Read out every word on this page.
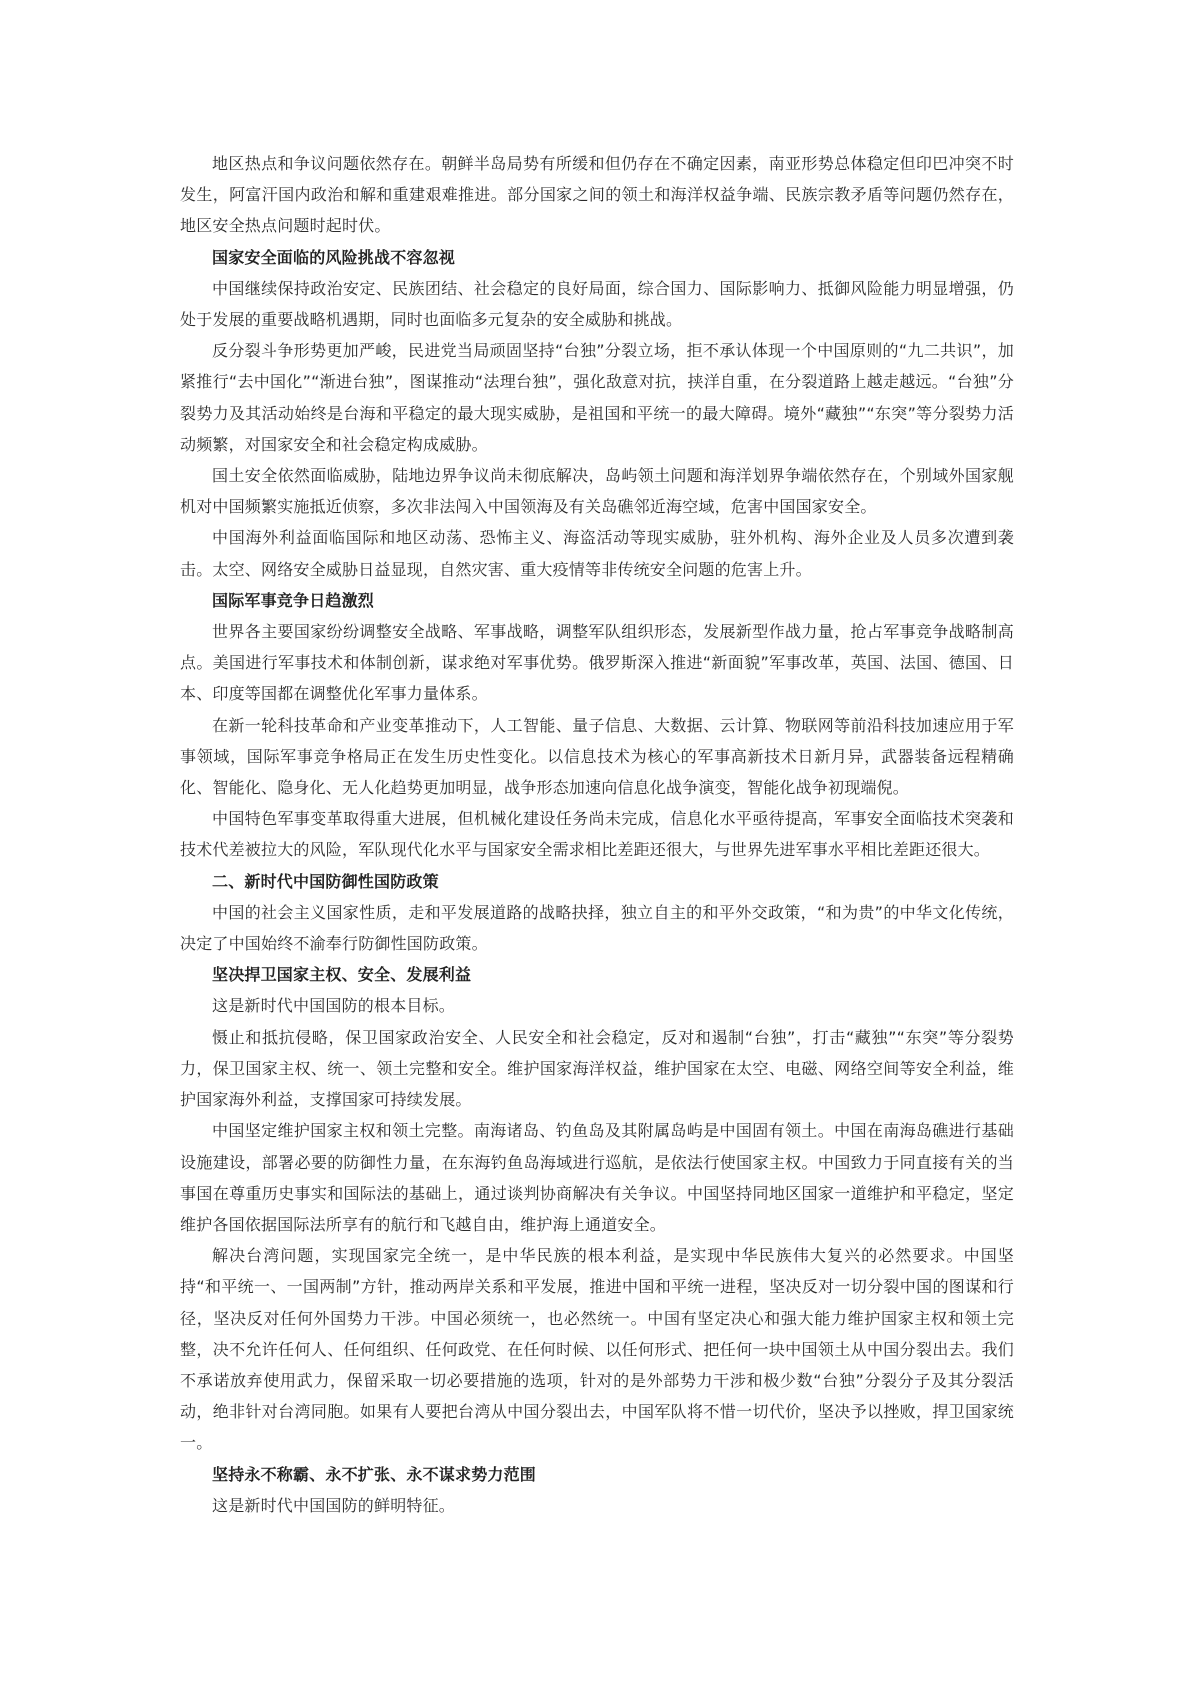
地区热点和争议问题依然存在。朝鲜半岛局势有所缓和但仍存在不确定因素，南亚形势总体稳定但印巴冲突不时发生，阿富汗国内政治和解和重建艰难推进。部分国家之间的领土和海洋权益争端、民族宗教矛盾等问题仍然存在，地区安全热点问题时起时伏。

国家安全面临的风险挑战不容忽视

中国继续保持政治安定、民族团结、社会稳定的良好局面，综合国力、国际影响力、抵御风险能力明显增强，仍处于发展的重要战略机遇期，同时也面临多元复杂的安全威胁和挑战。

反分裂斗争形势更加严峻，民进党当局顽固坚持“台独”分裂立场，拒不承认体现一个中国原则的“九二共识”，加紧推行“去中国化”“渐进台独”，图谋推动“法理台独”，强化敌意对抗，挟洋自重，在分裂道路上越走越远。“台独”分裂势力及其活动始终是台海和平稳定的最大现实威胁，是祖国和平统一的最大障碍。境外“藏独”“东突”等分裂势力活动频繁，对国家安全和社会稳定构成威胁。

国土安全依然面临威胁，陆地边界争议尚未彻底解决，岛屿领土问题和海洋划界争端依然存在，个别域外国家舰机对中国频繁实施抵近侦察，多次非法闯入中国领海及有关岛礁邻近海空域，危害中国国家安全。

中国海外利益面临国际和地区动荡、恐怖主义、海盗活动等现实威胁，驻外机构、海外企业及人员多次遭到袭击。太空、网络安全威胁日益显现，自然灾害、重大疫情等非传统安全问题的危害上升。

国际军事竞争日趋激烈

世界各主要国家纷纷调整安全战略、军事战略，调整军队组织形态，发展新型作战力量，抢占军事竞争战略制高点。美国进行军事技术和体制创新，谋求绝对军事优势。俄罗斯深入推进“新面貌”军事改革，英国、法国、德国、日本、印度等国都在调整优化军事力量体系。

在新一轮科技革命和产业变革推动下，人工智能、量子信息、大数据、云计算、物联网等前沿科技加速应用于军事领域，国际军事竞争格局正在发生历史性变化。以信息技术为核心的军事高新技术日新月异，武器装备远程精确化、智能化、隐身化、无人化趋势更加明显，战争形态加速向信息化战争演变，智能化战争初现端倪。

中国特色军事变革取得重大进展，但机械化建设任务尚未完成，信息化水平亟待提高，军事安全面临技术突袭和技术代差被拉大的风险，军队现代化水平与国家安全需求相比差距还很大，与世界先进军事水平相比差距还很大。

二、新时代中国防御性国防政策

中国的社会主义国家性质，走和平发展道路的战略抉择，独立自主的和平外交政策，“和为贵”的中华文化传统，决定了中国始终不渝奉行防御性国防政策。

坚决捍卫国家主权、安全、发展利益

这是新时代中国国防的根本目标。

慑止和抵抗侵略，保卫国家政治安全、人民安全和社会稳定，反对和遏制“台独”，打击“藏独”“东突”等分裂势力，保卫国家主权、统一、领土完整和安全。维护国家海洋权益，维护国家在太空、电磁、网络空间等安全利益，维护国家海外利益，支撑国家可持续发展。

中国坚定维护国家主权和领土完整。南海诸岛、钓鱼岛及其附属岛屿是中国固有领土。中国在南海岛礁进行基础设施建设，部署必要的防御性力量，在东海钓鱼岛海域进行巡航，是依法行使国家主权。中国致力于同直接有关的当事国在尊重历史事实和国际法的基础上，通过谈判协商解决有关争议。中国坚持同地区国家一道维护和平稳定，坚定维护各国依据国际法所享有的航行和飞越自由，维护海上通道安全。

解决台湾问题，实现国家完全统一，是中华民族的根本利益，是实现中华民族伟大复兴的必然要求。中国坚持“和平统一、一国两制”方针，推动两岸关系和平发展，推进中国和平统一进程，坚决反对一切分裂中国的图谋和行径，坚决反对任何外国势力干涉。中国必须统一，也必然统一。中国有坚定决心和强大能力维护国家主权和领土完整，决不允许任何人、任何组织、任何政党、在任何时候、以任何形式、把任何一块中国领土从中国分裂出去。我们不承诺放弃使用武力，保留采取一切必要措施的选项，针对的是外部势力干涉和极少数“台独”分裂分子及其分裂活动，绝非针对台湾同胞。如果有人要把台湾从中国分裂出去，中国军队将不惜一切代价，坚决予以挫败，捍卫国家统一。

坚持永不称霸、永不扩张、永不谋求势力范围

这是新时代中国国防的鲜明特征。
